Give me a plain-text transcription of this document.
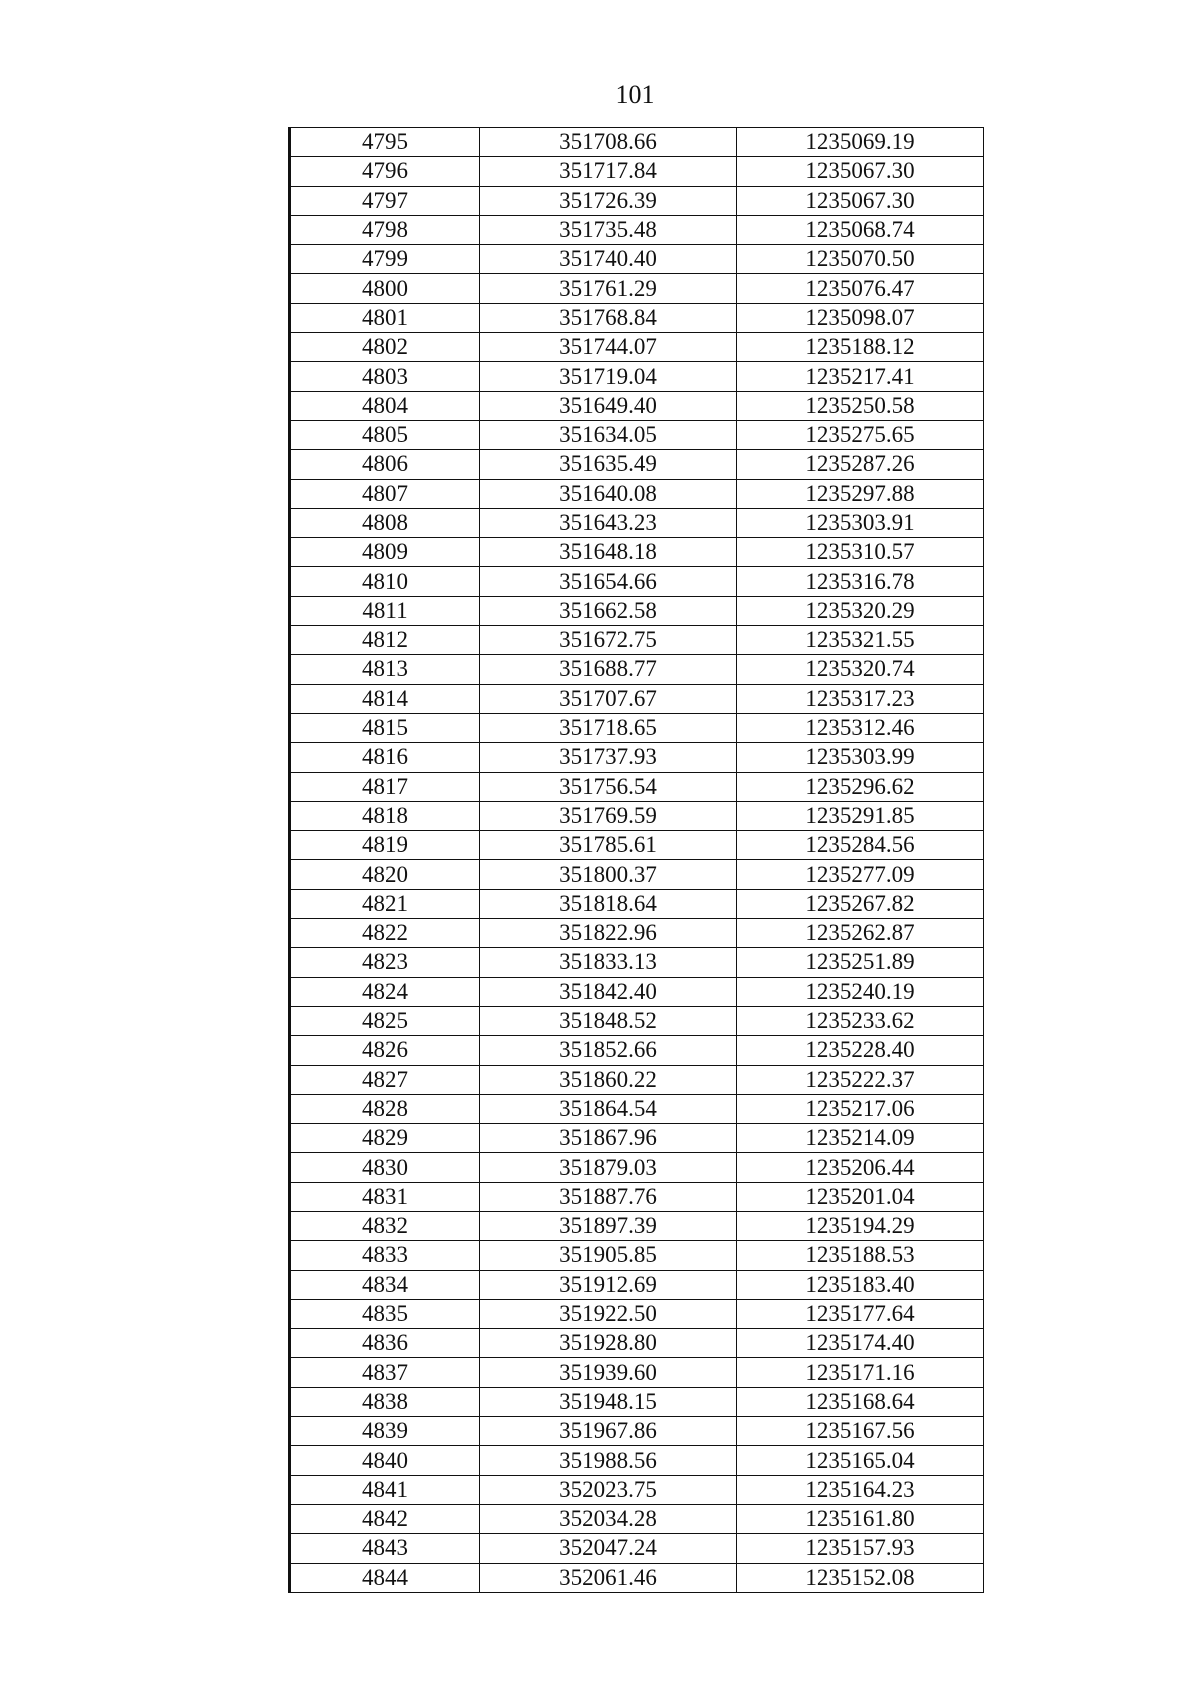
101
4795	351708.66	1235069.19
4796	351717.84	1235067.30
4797	351726.39	1235067.30
4798	351735.48	1235068.74
4799	351740.40	1235070.50
4800	351761.29	1235076.47
4801	351768.84	1235098.07
4802	351744.07	1235188.12
4803	351719.04	1235217.41
4804	351649.40	1235250.58
4805	351634.05	1235275.65
4806	351635.49	1235287.26
4807	351640.08	1235297.88
4808	351643.23	1235303.91
4809	351648.18	1235310.57
4810	351654.66	1235316.78
4811	351662.58	1235320.29
4812	351672.75	1235321.55
4813	351688.77	1235320.74
4814	351707.67	1235317.23
4815	351718.65	1235312.46
4816	351737.93	1235303.99
4817	351756.54	1235296.62
4818	351769.59	1235291.85
4819	351785.61	1235284.56
4820	351800.37	1235277.09
4821	351818.64	1235267.82
4822	351822.96	1235262.87
4823	351833.13	1235251.89
4824	351842.40	1235240.19
4825	351848.52	1235233.62
4826	351852.66	1235228.40
4827	351860.22	1235222.37
4828	351864.54	1235217.06
4829	351867.96	1235214.09
4830	351879.03	1235206.44
4831	351887.76	1235201.04
4832	351897.39	1235194.29
4833	351905.85	1235188.53
4834	351912.69	1235183.40
4835	351922.50	1235177.64
4836	351928.80	1235174.40
4837	351939.60	1235171.16
4838	351948.15	1235168.64
4839	351967.86	1235167.56
4840	351988.56	1235165.04
4841	352023.75	1235164.23
4842	352034.28	1235161.80
4843	352047.24	1235157.93
4844	352061.46	1235152.08
